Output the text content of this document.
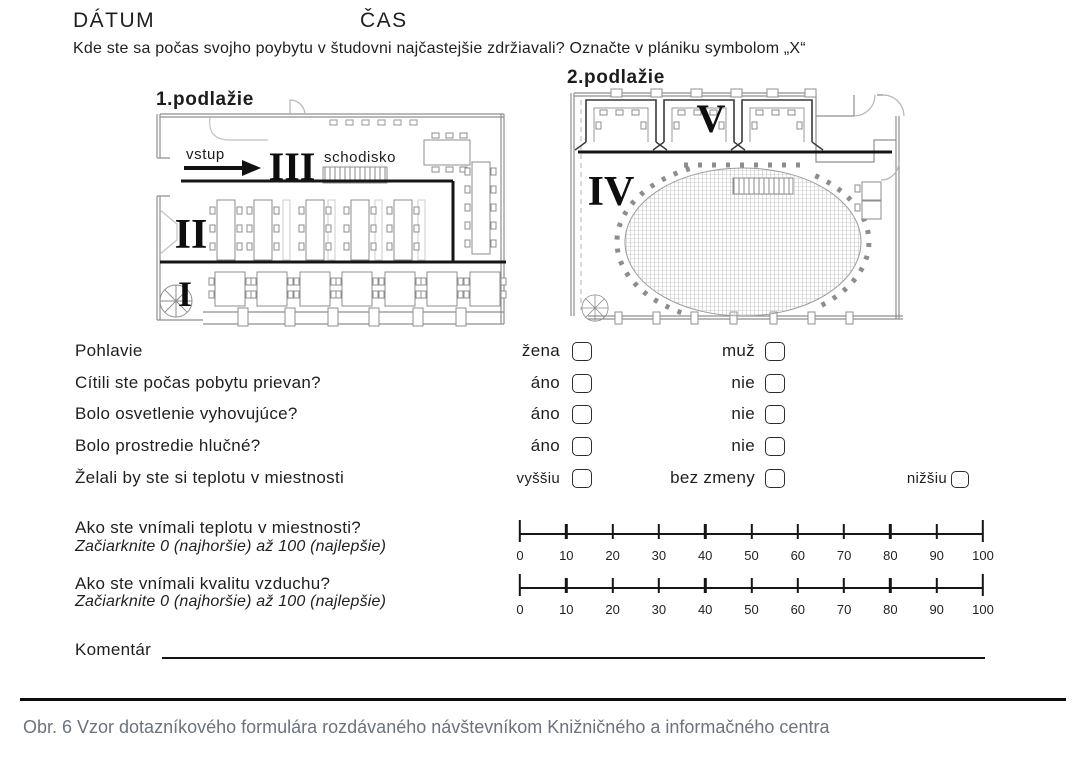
DÁTUM	ČAS
Kde ste sa počas svojho poybytu v študovni najčastejšie zdržiavali? Označte v plániku symbolom „X“
1.podlažie
vstup	schodisko
III
II
I
2.podlažie
V
IV
Pohlavie	žena	muž
Cítili ste počas pobytu prievan?	áno	nie
Bolo osvetlenie vyhovujúce?	áno	nie
Bolo prostredie hlučné?	áno	nie
Želali by ste si teplotu v miestnosti	vyššiu	bez zmeny	nižšiu
Ako ste vnímali teplotu v miestnosti?
Začiarknite 0 (najhoršie) až 100 (najlepšie)
0	10 20 30 40 50 60 70 80 90 100
Ako ste vnímali kvalitu vzduchu?
Začiarknite 0 (najhoršie) až 100 (najlepšie)	0	10 20 30 40 50 60 70 80 90 100
Komentár
Obr. 6 Vzor dotazníkového formulára rozdávaného návštevníkom Knižničného a informačného centra
